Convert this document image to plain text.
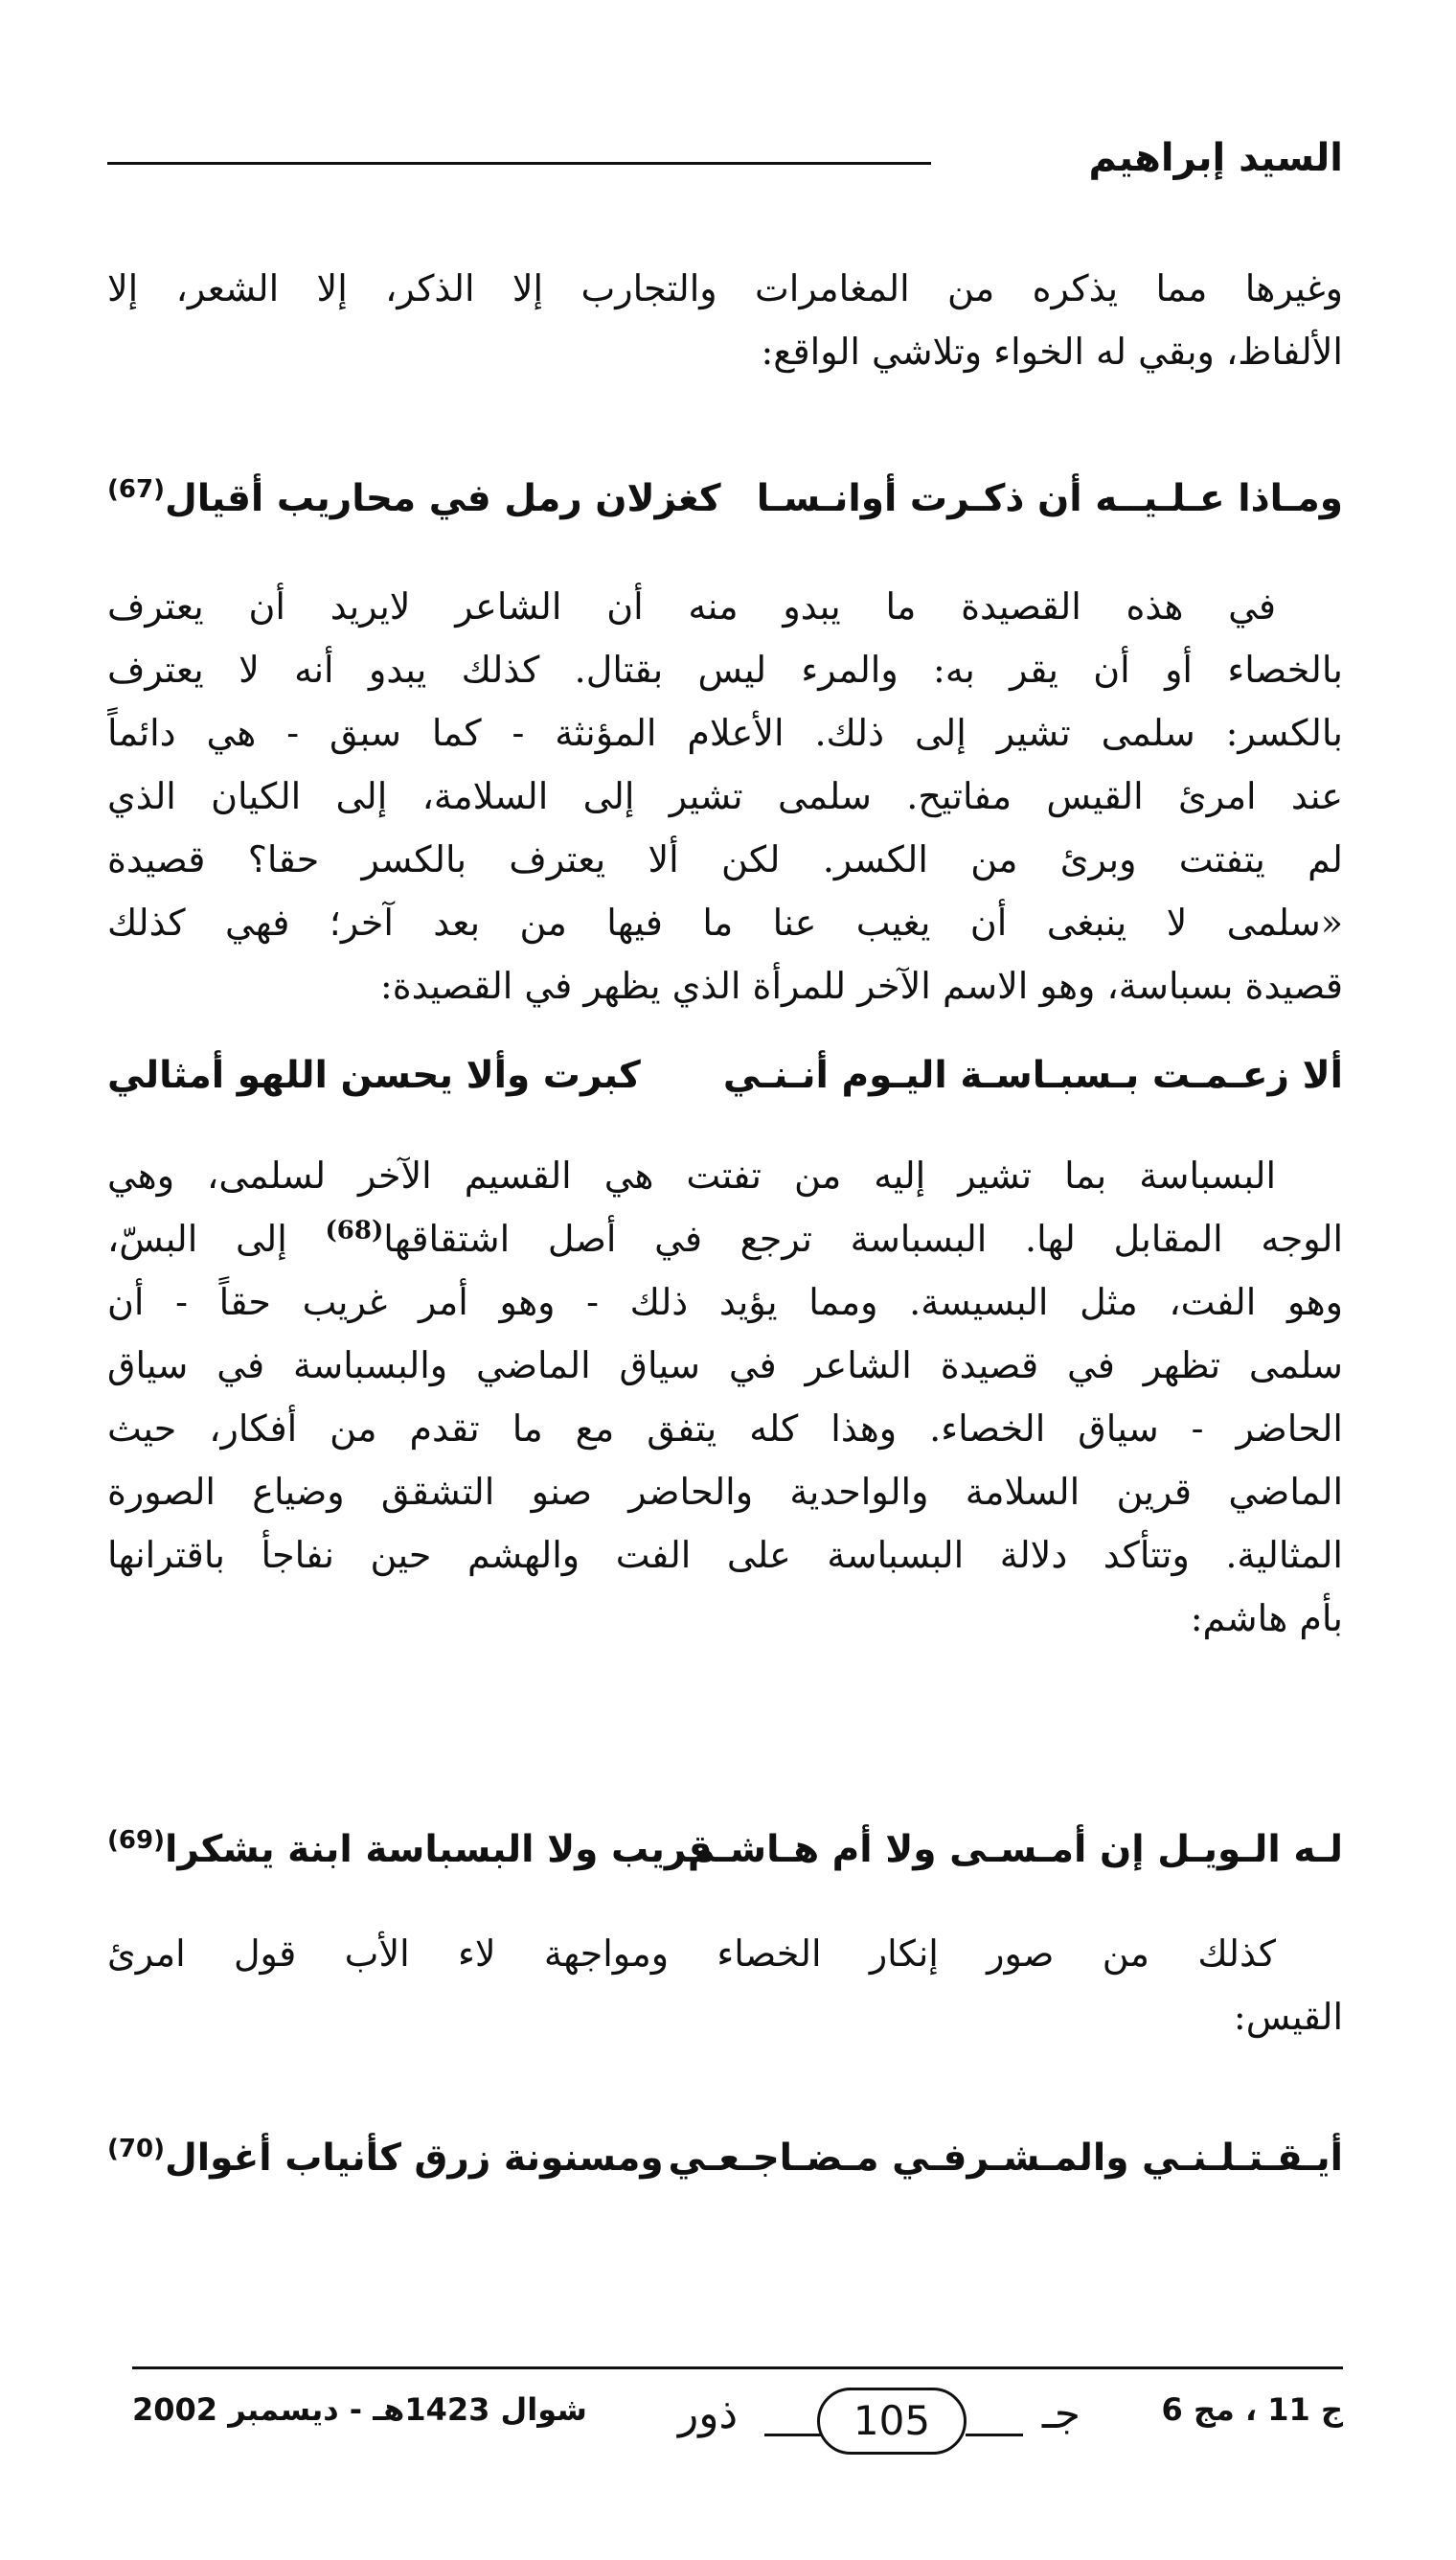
السيد إبراهيم
وغيرها مما يذكره من المغامرات والتجارب إلا الذكر، إلا الشعر، إلا
الألفاظ، وبقي له الخواء وتلاشي الواقع:
ومـاذا عـلـيــه أن ذكـرت أوانـسـا
كغزلان رمل في محاريب أقيال$^{(67)}$
في هذه القصيدة ما يبدو منه أن الشاعر لايريد أن يعترف
بالخصاء أو أن يقر به: والمرء ليس بقتال. كذلك يبدو أنه لا يعترف
بالكسر: سلمى تشير إلى ذلك. الأعلام المؤنثة - كما سبق - هي دائماً
عند امرئ القيس مفاتيح. سلمى تشير إلى السلامة، إلى الكيان الذي
لم يتفتت وبرئ من الكسر. لكن ألا يعترف بالكسر حقا؟ قصيدة
«سلمى لا ينبغى أن يغيب عنا ما فيها من بعد آخر؛ فهي كذلك
قصيدة بسباسة، وهو الاسم الآخر للمرأة الذي يظهر في القصيدة:
ألا زعـمـت بـسبـاسـة اليـوم أنـنـي
كبرت وألا يحسن اللهو أمثالي
البسباسة بما تشير إليه من تفتت هي القسيم الآخر لسلمى، وهي
الوجه المقابل لها. البسباسة ترجع في أصل اشتقاقها$^{(68)}$ إلى البسّ،
وهو الفت، مثل البسيسة. ومما يؤيد ذلك - وهو أمر غريب حقاً - أن
سلمى تظهر في قصيدة الشاعر في سياق الماضي والبسباسة في سياق
الحاضر - سياق الخصاء. وهذا كله يتفق مع ما تقدم من أفكار، حيث
الماضي قرين السلامة والواحدية والحاضر صنو التشقق وضياع الصورة
المثالية. وتتأكد دلالة البسباسة على الفت والهشم حين نفاجأ باقترانها
بأم هاشم:
لـه الـويـل إن أمـسـى ولا أم هـاشـم
قريب ولا البسباسة ابنة يشكرا$^{(69)}$
كذلك من صور إنكار الخصاء ومواجهة لاء الأب قول امرئ
القيس:
أيـقـتـلـنـي والمـشـرفـي مـضـاجـعـي
ومسنونة زرق كأنياب أغوال$^{(70)}$
شوال 1423هـ - ديسمبر 2002 ذور	105	جـ	ج 11 ، مج 6
